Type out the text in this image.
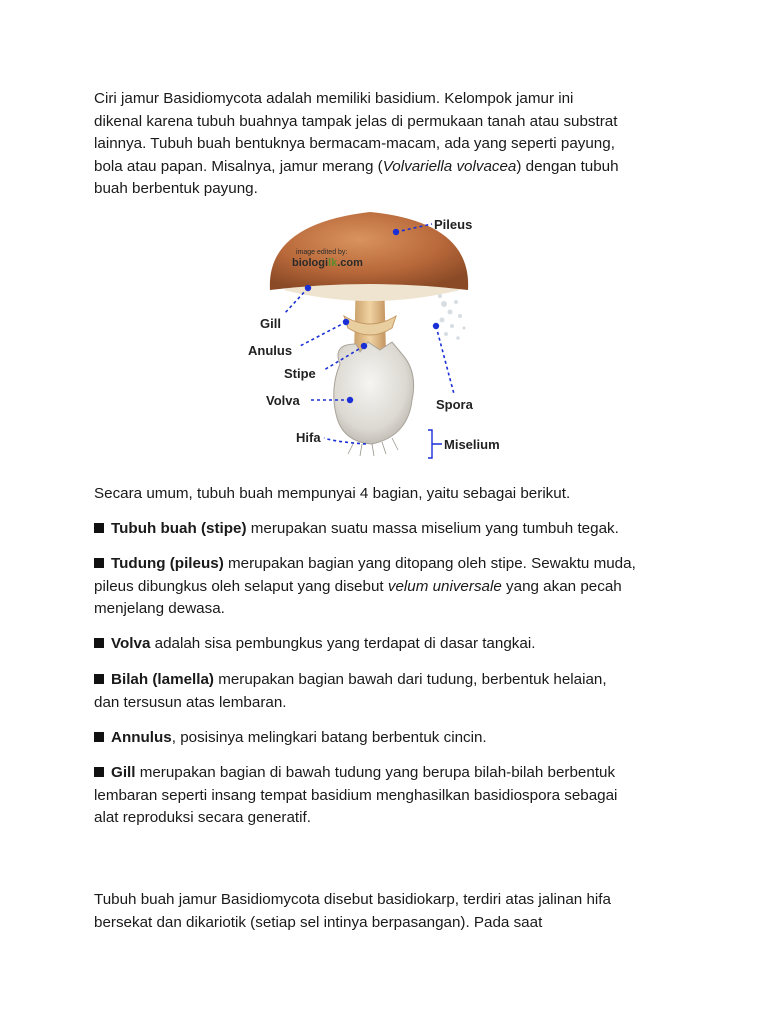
Ciri jamur Basidiomycota adalah memiliki basidium. Kelompok jamur ini
dikenal karena tubuh buahnya tampak jelas di permukaan tanah atau substrat
lainnya. Tubuh buah bentuknya bermacam-macam, ada yang seperti payung,
bola atau papan. Misalnya, jamur merang (Volvariella volvacea) dengan tubuh
buah berbentuk payung.

image edited by:
biologilk.com
Pileus
Gill
Anulus
Stipe
Volva	Spora
Hifa	Miselium

Secara umum, tubuh buah mempunyai 4 bagian, yaitu sebagai berikut.

Tubuh buah (stipe) merupakan suatu massa miselium yang tumbuh tegak.

Tudung (pileus) merupakan bagian yang ditopang oleh stipe. Sewaktu muda,
pileus dibungkus oleh selaput yang disebut velum universale yang akan pecah
menjelang dewasa.

Volva adalah sisa pembungkus yang terdapat di dasar tangkai.

Bilah (lamella) merupakan bagian bawah dari tudung, berbentuk helaian,
dan tersusun atas lembaran.

Annulus, posisinya melingkari batang berbentuk cincin.

Gill merupakan bagian di bawah tudung yang berupa bilah-bilah berbentuk
lembaran seperti insang tempat basidium menghasilkan basidiospora sebagai
alat reproduksi secara generatif.

Tubuh buah jamur Basidiomycota disebut basidiokarp, terdiri atas jalinan hifa
bersekat dan dikariotik (setiap sel intinya berpasangan). Pada saat
